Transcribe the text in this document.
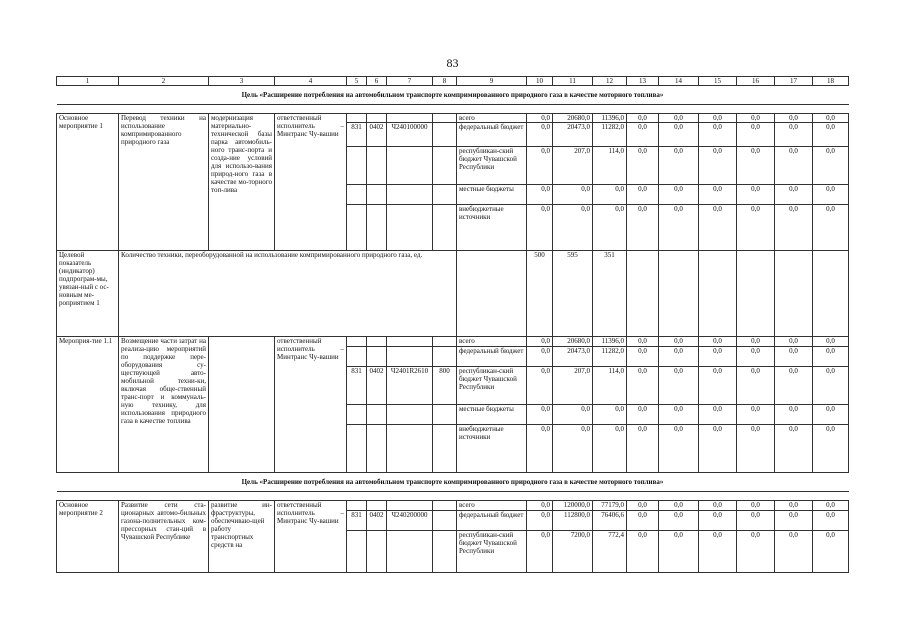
83
1	2	3	4	5	6	7	8	9	10	11	12	13	14	15	16	17	18
Цель «Расширение потребления на автомобильном транспорте компримированного природного газа в качестве моторного топлива»																	

Основное мероприятие 1	Перевод техники на использование компримированного природного газа	модернизация материально-технической базы парка автомобиль-ного транс-порта и созда-ние условий для использо-вания природ-ного газа в качестве мо-торного топ-лива	ответственный исполнитель – Минтранс Чу-вашии					всего	0,0	20680,0	11396,0	0,0	0,0	0,0	0,0	0,0	0,0
				831	0402	Ч240100000		федеральный бюджет	0,0	20473,0	11282,0	0,0	0,0	0,0	0,0	0,0	0,0
								республикан-ский бюджет Чувашской Республики	0,0	207,0	114,0	0,0	0,0	0,0	0,0	0,0	0,0
								местные бюджеты	0,0	0,0	0,0	0,0	0,0	0,0	0,0	0,0	0,0
								внебюджетные источники	0,0	0,0	0,0	0,0	0,0	0,0	0,0	0,0	0,0
Целевой показатель (индикатор) подпрограм-мы, увязан-ный с ос-новным ме-роприятием 1	Количество техники, переоборудованной на использование компримированного природного газа, ед.								500	595	351						
Мероприя-тие 1.1	Возмещение части затрат на реализа-цию мероприятий по поддержке пере-оборудования су-ществующей авто-мобильной техни-ки, включая обще-ственный транс-порт и коммуналь-ную технику, для использования природного газа в качестве топлива		ответственный исполнитель – Минтранс Чу-вашии					всего	0,0	20680,0	11396,0	0,0	0,0	0,0	0,0	0,0	0,0
								федеральный бюджет	0,0	20473,0	11282,0	0,0	0,0	0,0	0,0	0,0	0,0
				831	0402	Ч2401R2610	800	республикан-ский бюджет Чувашской Республики	0,0	207,0	114,0	0,0	0,0	0,0	0,0	0,0	0,0
								местные бюджеты	0,0	0,0	0,0	0,0	0,0	0,0	0,0	0,0	0,0
								внебюджетные источники	0,0	0,0	0,0	0,0	0,0	0,0	0,0	0,0	0,0
Цель «Расширение потребления на автомобильном транспорте компримированного природного газа в качестве моторного топлива»																	

Основное мероприятие 2	Развитие сети ста-ционарных автомо-бильных газона-полнительных ком-прессорных стан-ций в Чувашской Республике	развитие ин-фраструктуры, обеспечиваю-щей работу транспортных средств на	ответственный исполнитель – Минтранс Чу-вашии					всего	0,0	120000,0	77179,0	0,0	0,0	0,0	0,0	0,0	0,0
				831	0402	Ч240200000		федеральный бюджет	0,0	112800,0	76406,6	0,0	0,0	0,0	0,0	0,0	0,0
								республикан-ский бюджет Чувашской Республики	0,0	7200,0	772,4	0,0	0,0	0,0	0,0	0,0	0,0
